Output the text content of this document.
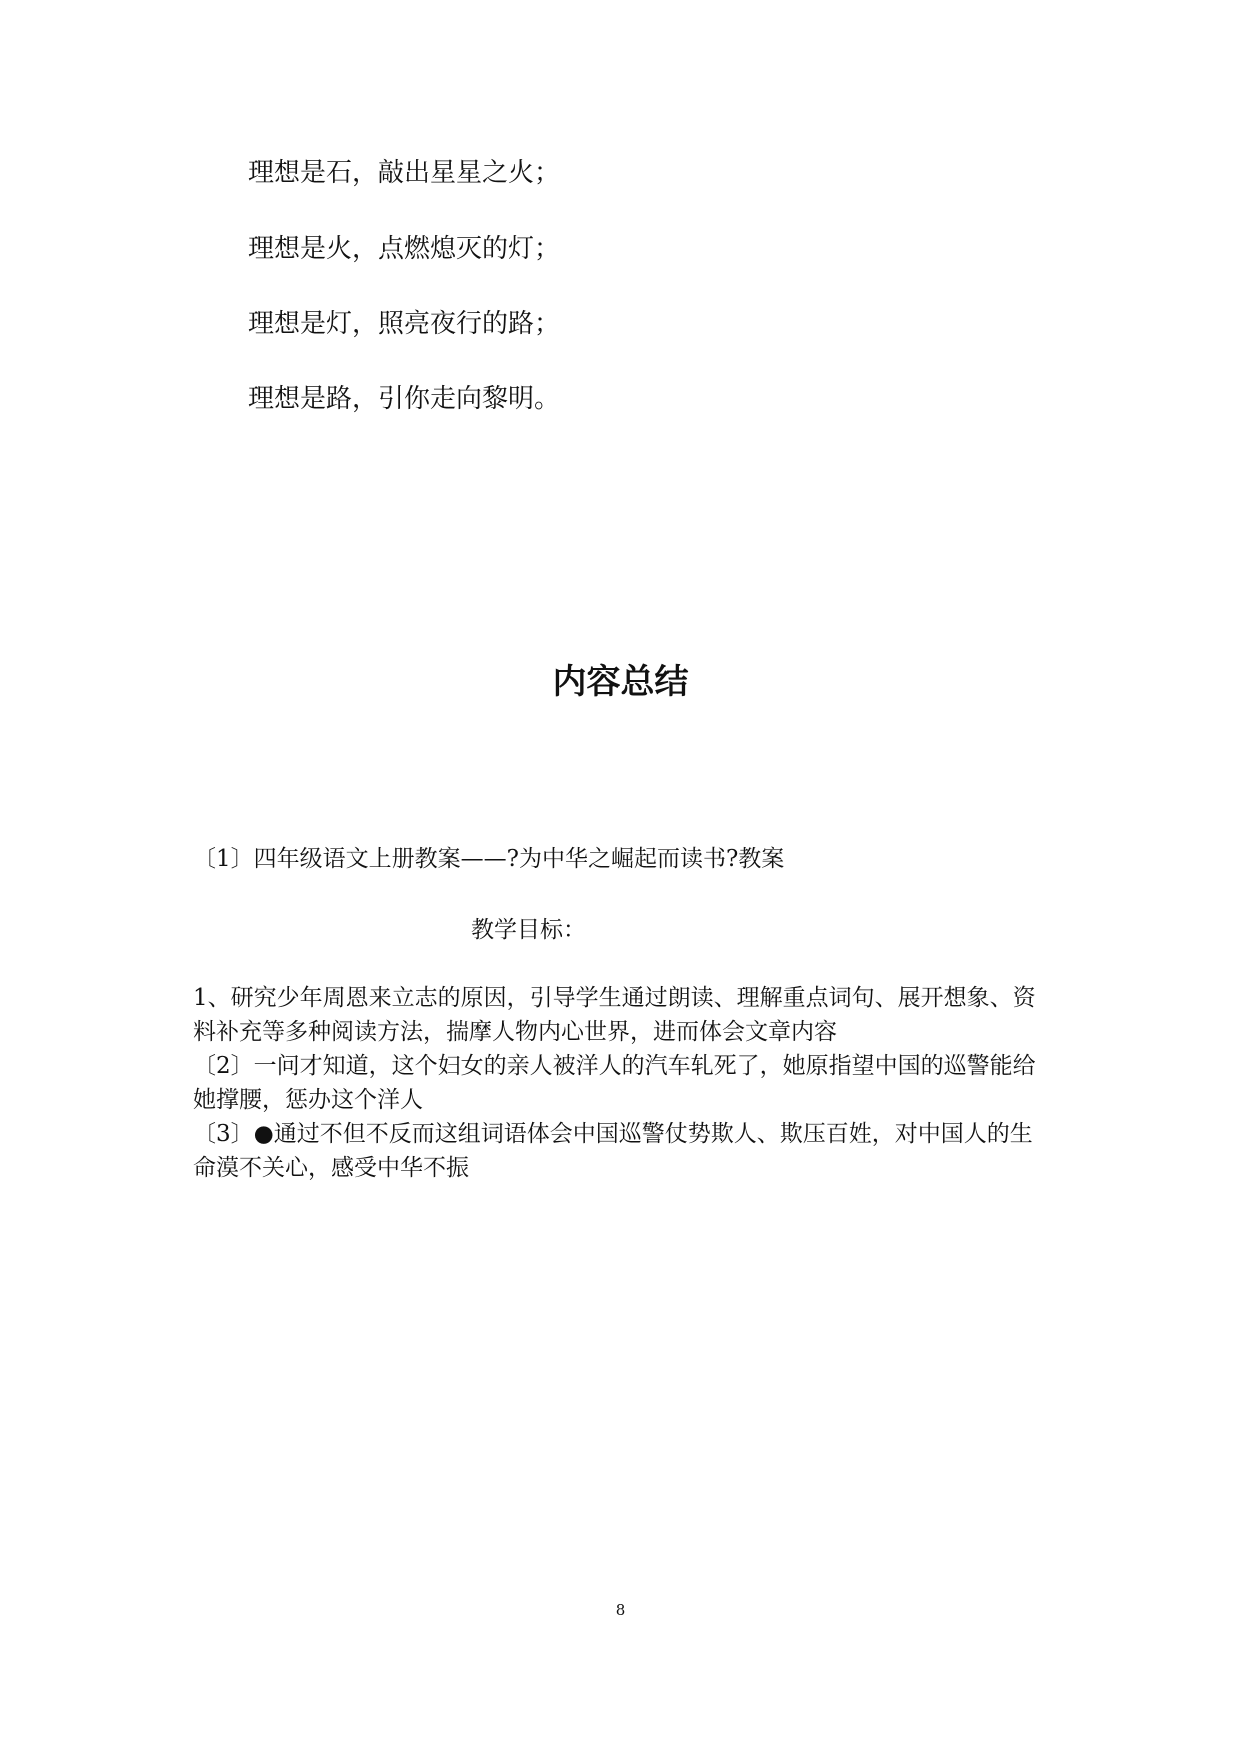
理想是石，敲出星星之火；
理想是火，点燃熄灭的灯；
理想是灯，照亮夜行的路；
理想是路，引你走向黎明。
内容总结
〔1〕四年级语文上册教案——?为中华之崛起而读书?教案
教学目标：

1、研究少年周恩来立志的原因，引导学生通过朗读、理解重点词句、展开想象、资料补充等多种阅读方法，揣摩人物内心世界，进而体会文章内容

〔2〕一问才知道，这个妇女的亲人被洋人的汽车轧死了，她原指望中国的巡警能给她撑腰，惩办这个洋人

〔3〕●通过不但不反而这组词语体会中国巡警仗势欺人、欺压百姓，对中国人的生命漠不关心，感受中华不振

8
